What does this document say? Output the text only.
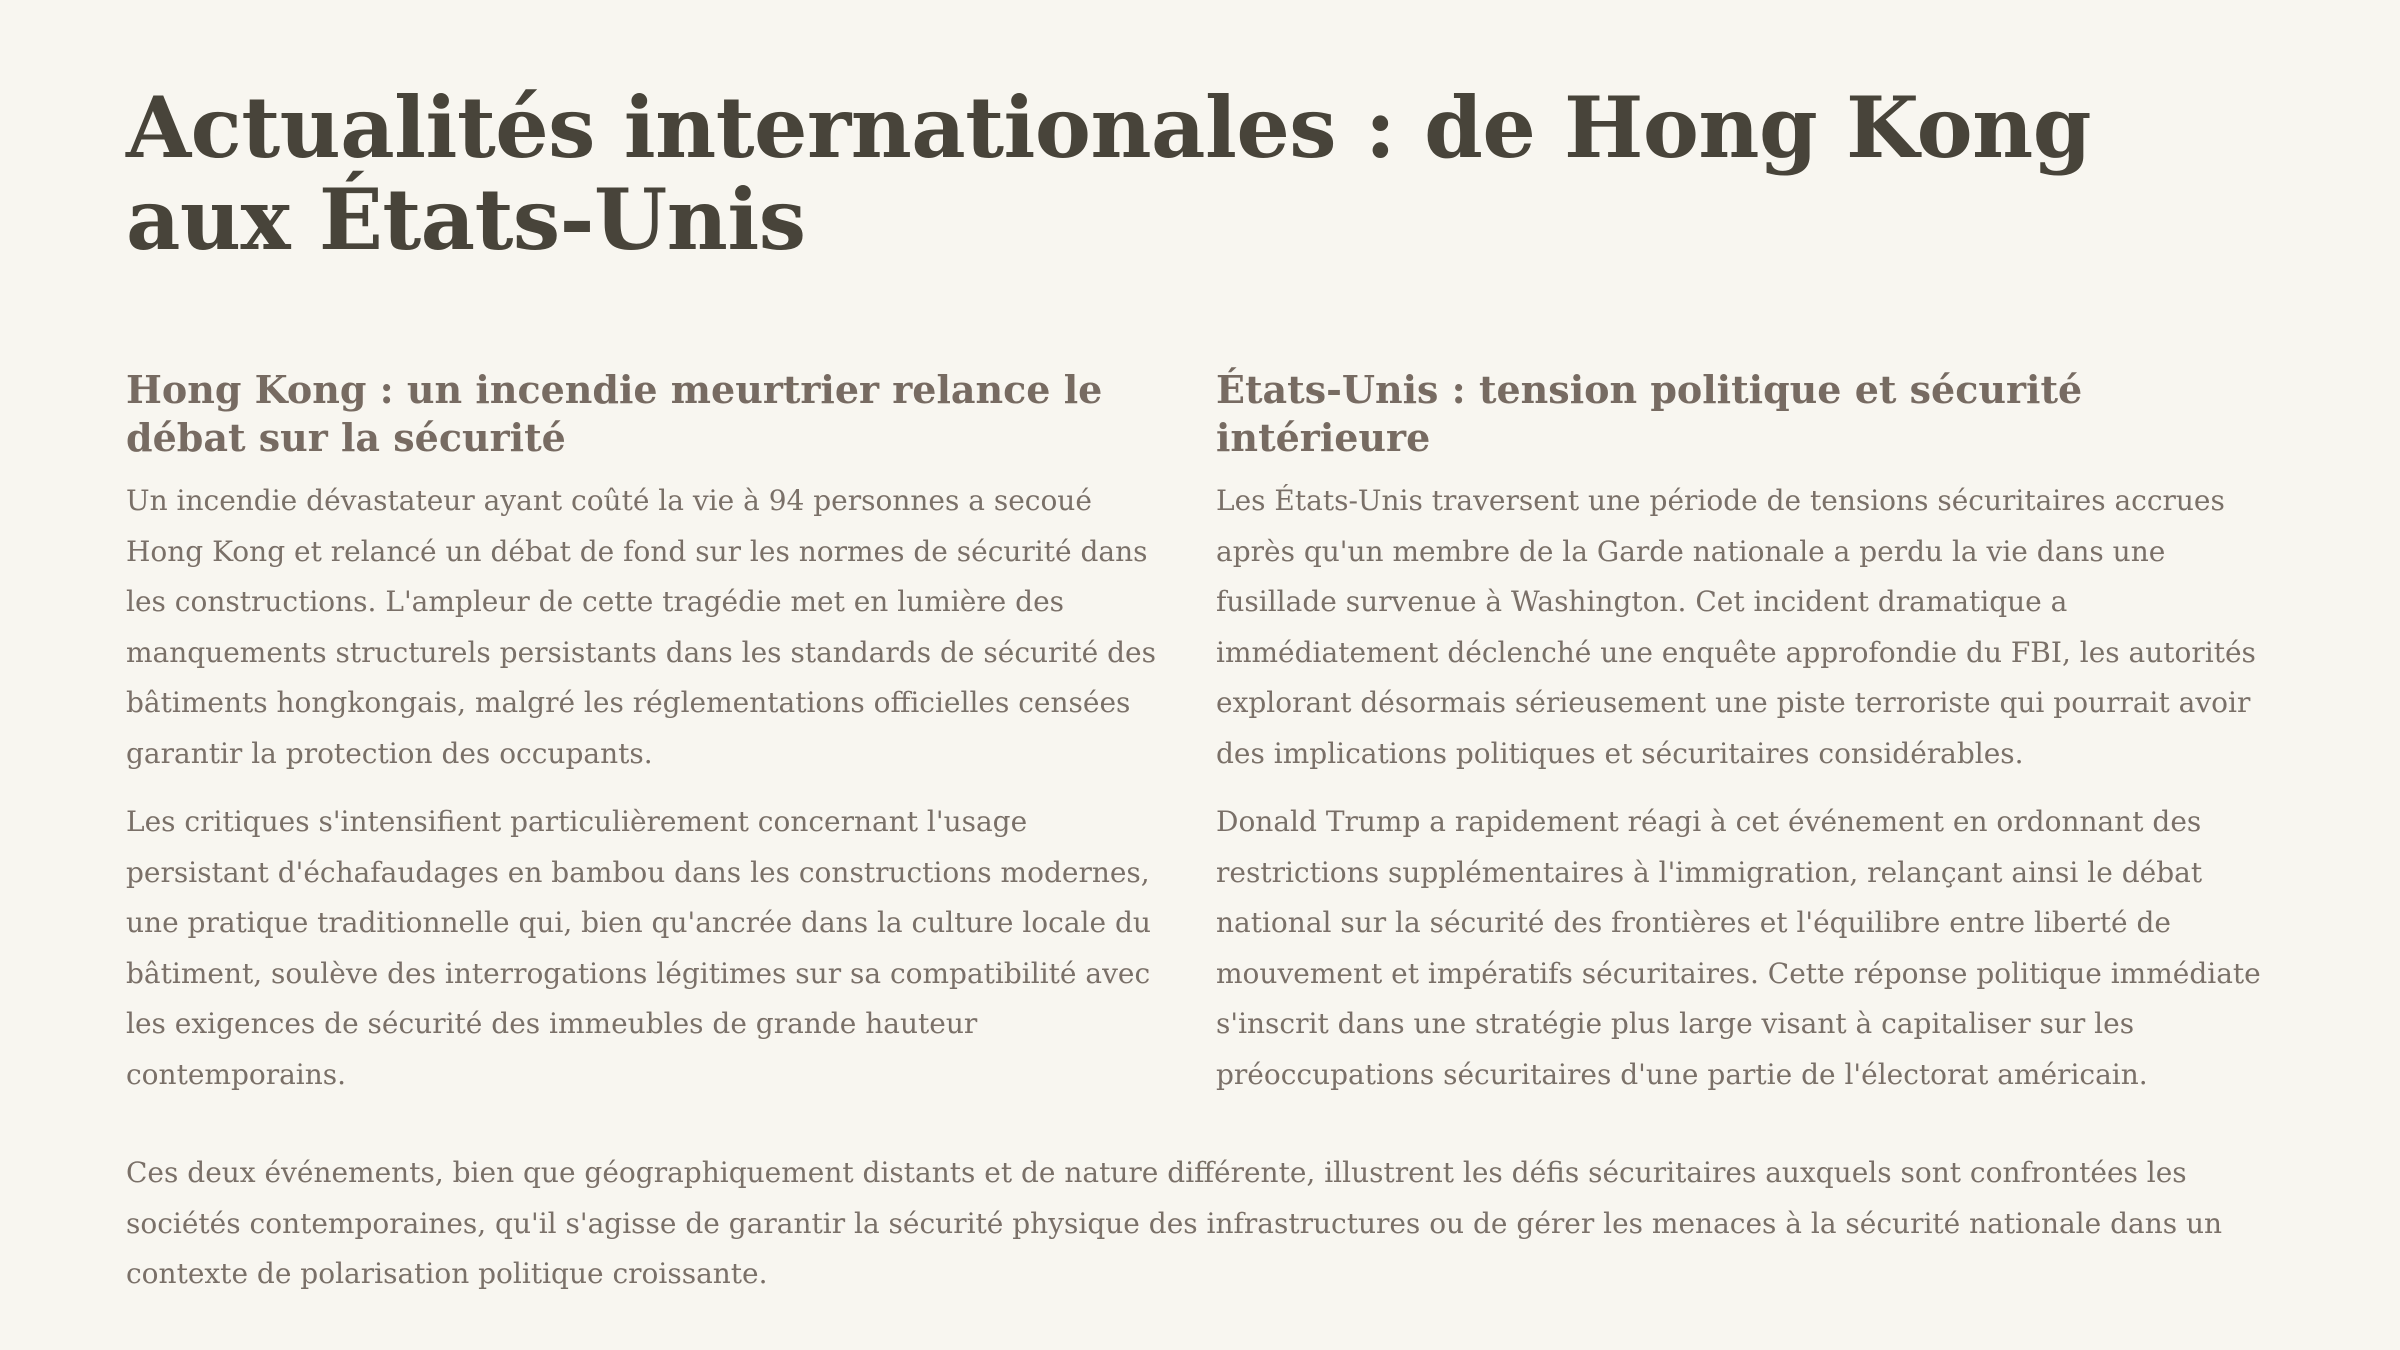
Actualités internationales : de Hong Kong aux États-Unis
Hong Kong : un incendie meurtrier relance le débat sur la sécurité

Un incendie dévastateur ayant coûté la vie à 94 personnes a secoué Hong Kong et relancé un débat de fond sur les normes de sécurité dans les constructions. L'ampleur de cette tragédie met en lumière des manquements structurels persistants dans les standards de sécurité des bâtiments hongkongais, malgré les réglementations officielles censées garantir la protection des occupants.

Les critiques s'intensifient particulièrement concernant l'usage persistant d'échafaudages en bambou dans les constructions modernes, une pratique traditionnelle qui, bien qu'ancrée dans la culture locale du bâtiment, soulève des interrogations légitimes sur sa compatibilité avec les exigences de sécurité des immeubles de grande hauteur contemporains.

États-Unis : tension politique et sécurité intérieure

Les États-Unis traversent une période de tensions sécuritaires accrues après qu'un membre de la Garde nationale a perdu la vie dans une fusillade survenue à Washington. Cet incident dramatique a immédiatement déclenché une enquête approfondie du FBI, les autorités explorant désormais sérieusement une piste terroriste qui pourrait avoir des implications politiques et sécuritaires considérables.

Donald Trump a rapidement réagi à cet événement en ordonnant des restrictions supplémentaires à l'immigration, relançant ainsi le débat national sur la sécurité des frontières et l'équilibre entre liberté de mouvement et impératifs sécuritaires. Cette réponse politique immédiate s'inscrit dans une stratégie plus large visant à capitaliser sur les préoccupations sécuritaires d'une partie de l'électorat américain.

Ces deux événements, bien que géographiquement distants et de nature différente, illustrent les défis sécuritaires auxquels sont confrontées les sociétés contemporaines, qu'il s'agisse de garantir la sécurité physique des infrastructures ou de gérer les menaces à la sécurité nationale dans un contexte de polarisation politique croissante.
